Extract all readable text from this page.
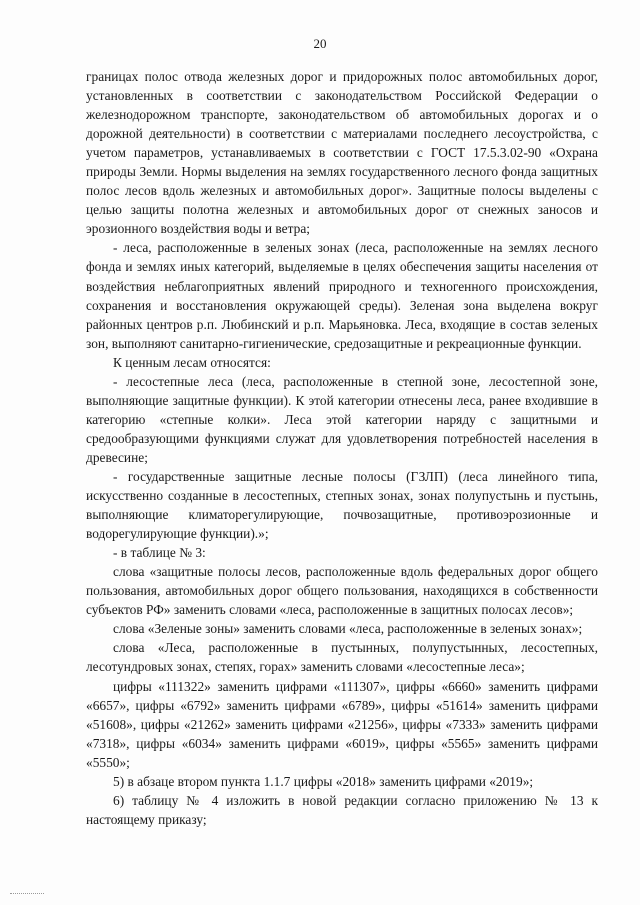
20

границах полос отвода железных дорог и придорожных полос автомобильных дорог, установленных в соответствии с законодательством Российской Федерации о железнодорожном транспорте, законодательством об автомобильных дорогах и о дорожной деятельности) в соответствии с материалами последнего лесоустройства, с учетом параметров, устанавливаемых в соответствии с ГОСТ 17.5.3.02-90 «Охрана природы Земли. Нормы выделения на землях государственного лесного фонда защитных полос лесов вдоль железных и автомобильных дорог». Защитные полосы выделены с целью защиты полотна железных и автомобильных дорог от снежных заносов и эрозионного воздействия воды и ветра;

- леса, расположенные в зеленых зонах (леса, расположенные на землях лесного фонда и землях иных категорий, выделяемые в целях обеспечения защиты населения от воздействия неблагоприятных явлений природного и техногенного происхождения, сохранения и восстановления окружающей среды). Зеленая зона выделена вокруг районных центров р.п. Любинский и р.п. Марьяновка. Леса, входящие в состав зеленых зон, выполняют санитарно-гигиенические, средозащитные и рекреационные функции.

К ценным лесам относятся:

- лесостепные леса (леса, расположенные в степной зоне, лесостепной зоне, выполняющие защитные функции). К этой категории отнесены леса, ранее входившие в категорию «степные колки». Леса этой категории наряду с защитными и средообразующими функциями служат для удовлетворения потребностей населения в древесине;

- государственные защитные лесные полосы (ГЗЛП) (леса линейного типа, искусственно созданные в лесостепных, степных зонах, зонах полупустынь и пустынь, выполняющие климаторегулирующие, почвозащитные, противоэрозионные и водорегулирующие функции).»;

- в таблице № 3:

слова «защитные полосы лесов, расположенные вдоль федеральных дорог общего пользования, автомобильных дорог общего пользования, находящихся в собственности субъектов РФ» заменить словами «леса, расположенные в защитных полосах лесов»;

слова «Зеленые зоны» заменить словами «леса, расположенные в зеленых зонах»;

слова «Леса, расположенные в пустынных, полупустынных, лесостепных, лесотундровых зонах, степях, горах» заменить словами «лесостепные леса»;

цифры «111322» заменить цифрами «111307», цифры «6660» заменить цифрами «6657», цифры «6792» заменить цифрами «6789», цифры «51614» заменить цифрами «51608», цифры «21262» заменить цифрами «21256», цифры «7333» заменить цифрами «7318», цифры «6034» заменить цифрами «6019», цифры «5565» заменить цифрами «5550»;

5) в абзаце втором пункта 1.1.7 цифры «2018» заменить цифрами «2019»;

6) таблицу № 4 изложить в новой редакции согласно приложению № 13 к настоящему приказу;
